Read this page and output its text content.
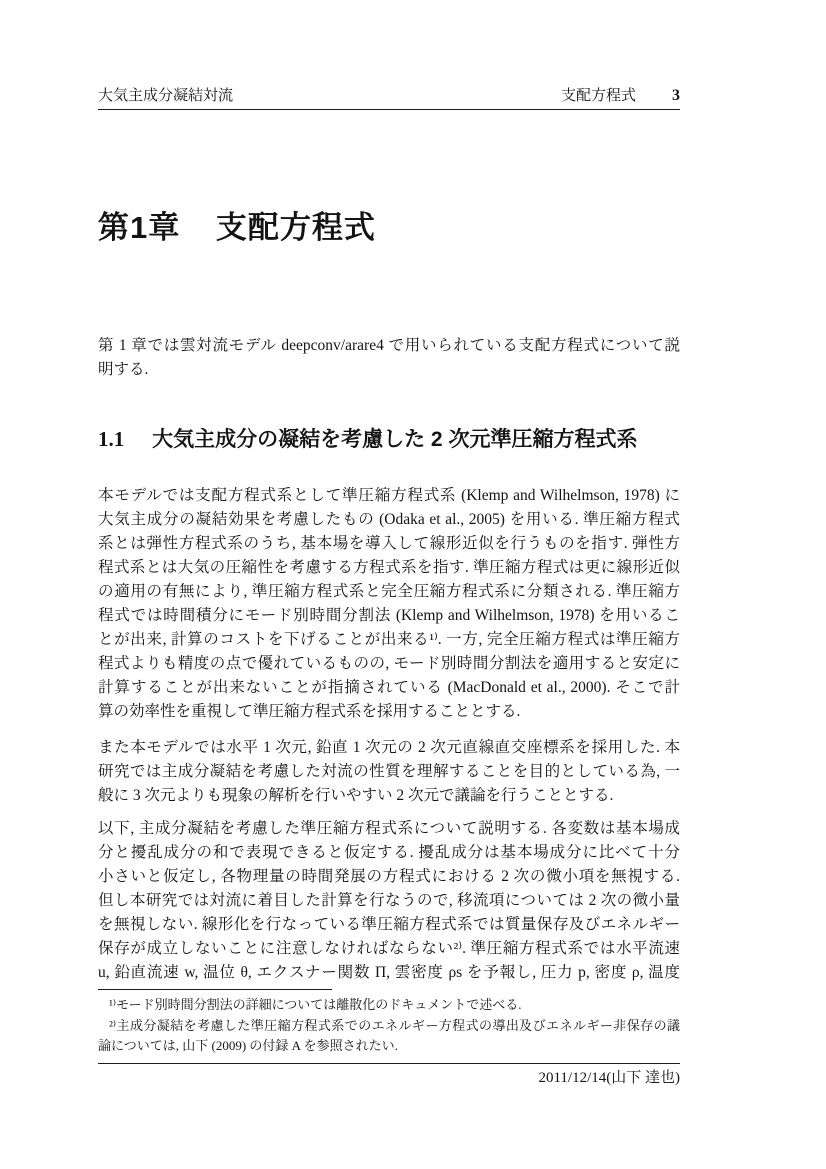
大気主成分凝結対流	支配方程式 3
第1章 支配方程式
第 1 章では雲対流モデル deepconv/arare4 で用いられている支配方程式について説
明する.
1.1 大気主成分の凝結を考慮した 2 次元準圧縮方程式系
本モデルでは支配方程式系として準圧縮方程式系 (Klemp and Wilhelmson, 1978) に
大気主成分の凝結効果を考慮したもの (Odaka et al., 2005) を用いる. 準圧縮方程式
系とは弾性方程式系のうち, 基本場を導入して線形近似を行うものを指す. 弾性方
程式系とは大気の圧縮性を考慮する方程式系を指す. 準圧縮方程式は更に線形近似
の適用の有無により, 準圧縮方程式系と完全圧縮方程式系に分類される. 準圧縮方
程式では時間積分にモード別時間分割法 (Klemp and Wilhelmson, 1978) を用いるこ
とが出来, 計算のコストを下げることが出来る¹⁾. 一方, 完全圧縮方程式は準圧縮方
程式よりも精度の点で優れているものの, モード別時間分割法を適用すると安定に
計算することが出来ないことが指摘されている (MacDonald et al., 2000). そこで計
算の効率性を重視して準圧縮方程式系を採用することとする.
また本モデルでは水平 1 次元, 鉛直 1 次元の 2 次元直線直交座標系を採用した. 本
研究では主成分凝結を考慮した対流の性質を理解することを目的としている為, 一
般に 3 次元よりも現象の解析を行いやすい 2 次元で議論を行うこととする.
以下, 主成分凝結を考慮した準圧縮方程式系について説明する. 各変数は基本場成
分と擾乱成分の和で表現できると仮定する. 擾乱成分は基本場成分に比べて十分
小さいと仮定し, 各物理量の時間発展の方程式における 2 次の微小項を無視する.
但し本研究では対流に着目した計算を行なうので, 移流項については 2 次の微小量
を無視しない. 線形化を行なっている準圧縮方程式系では質量保存及びエネルギー
保存が成立しないことに注意しなければならない²⁾. 準圧縮方程式系では水平流速
u, 鉛直流速 w, 温位 θ, エクスナー関数 Π, 雲密度 ρs を予報し, 圧力 p, 密度 ρ, 温度
¹⁾モード別時間分割法の詳細については離散化のドキュメントで述べる.
²⁾主成分凝結を考慮した準圧縮方程式系でのエネルギー方程式の導出及びエネルギー非保存の議
論については, 山下 (2009) の付録 A を参照されたい.
2011/12/14(山下 達也)
